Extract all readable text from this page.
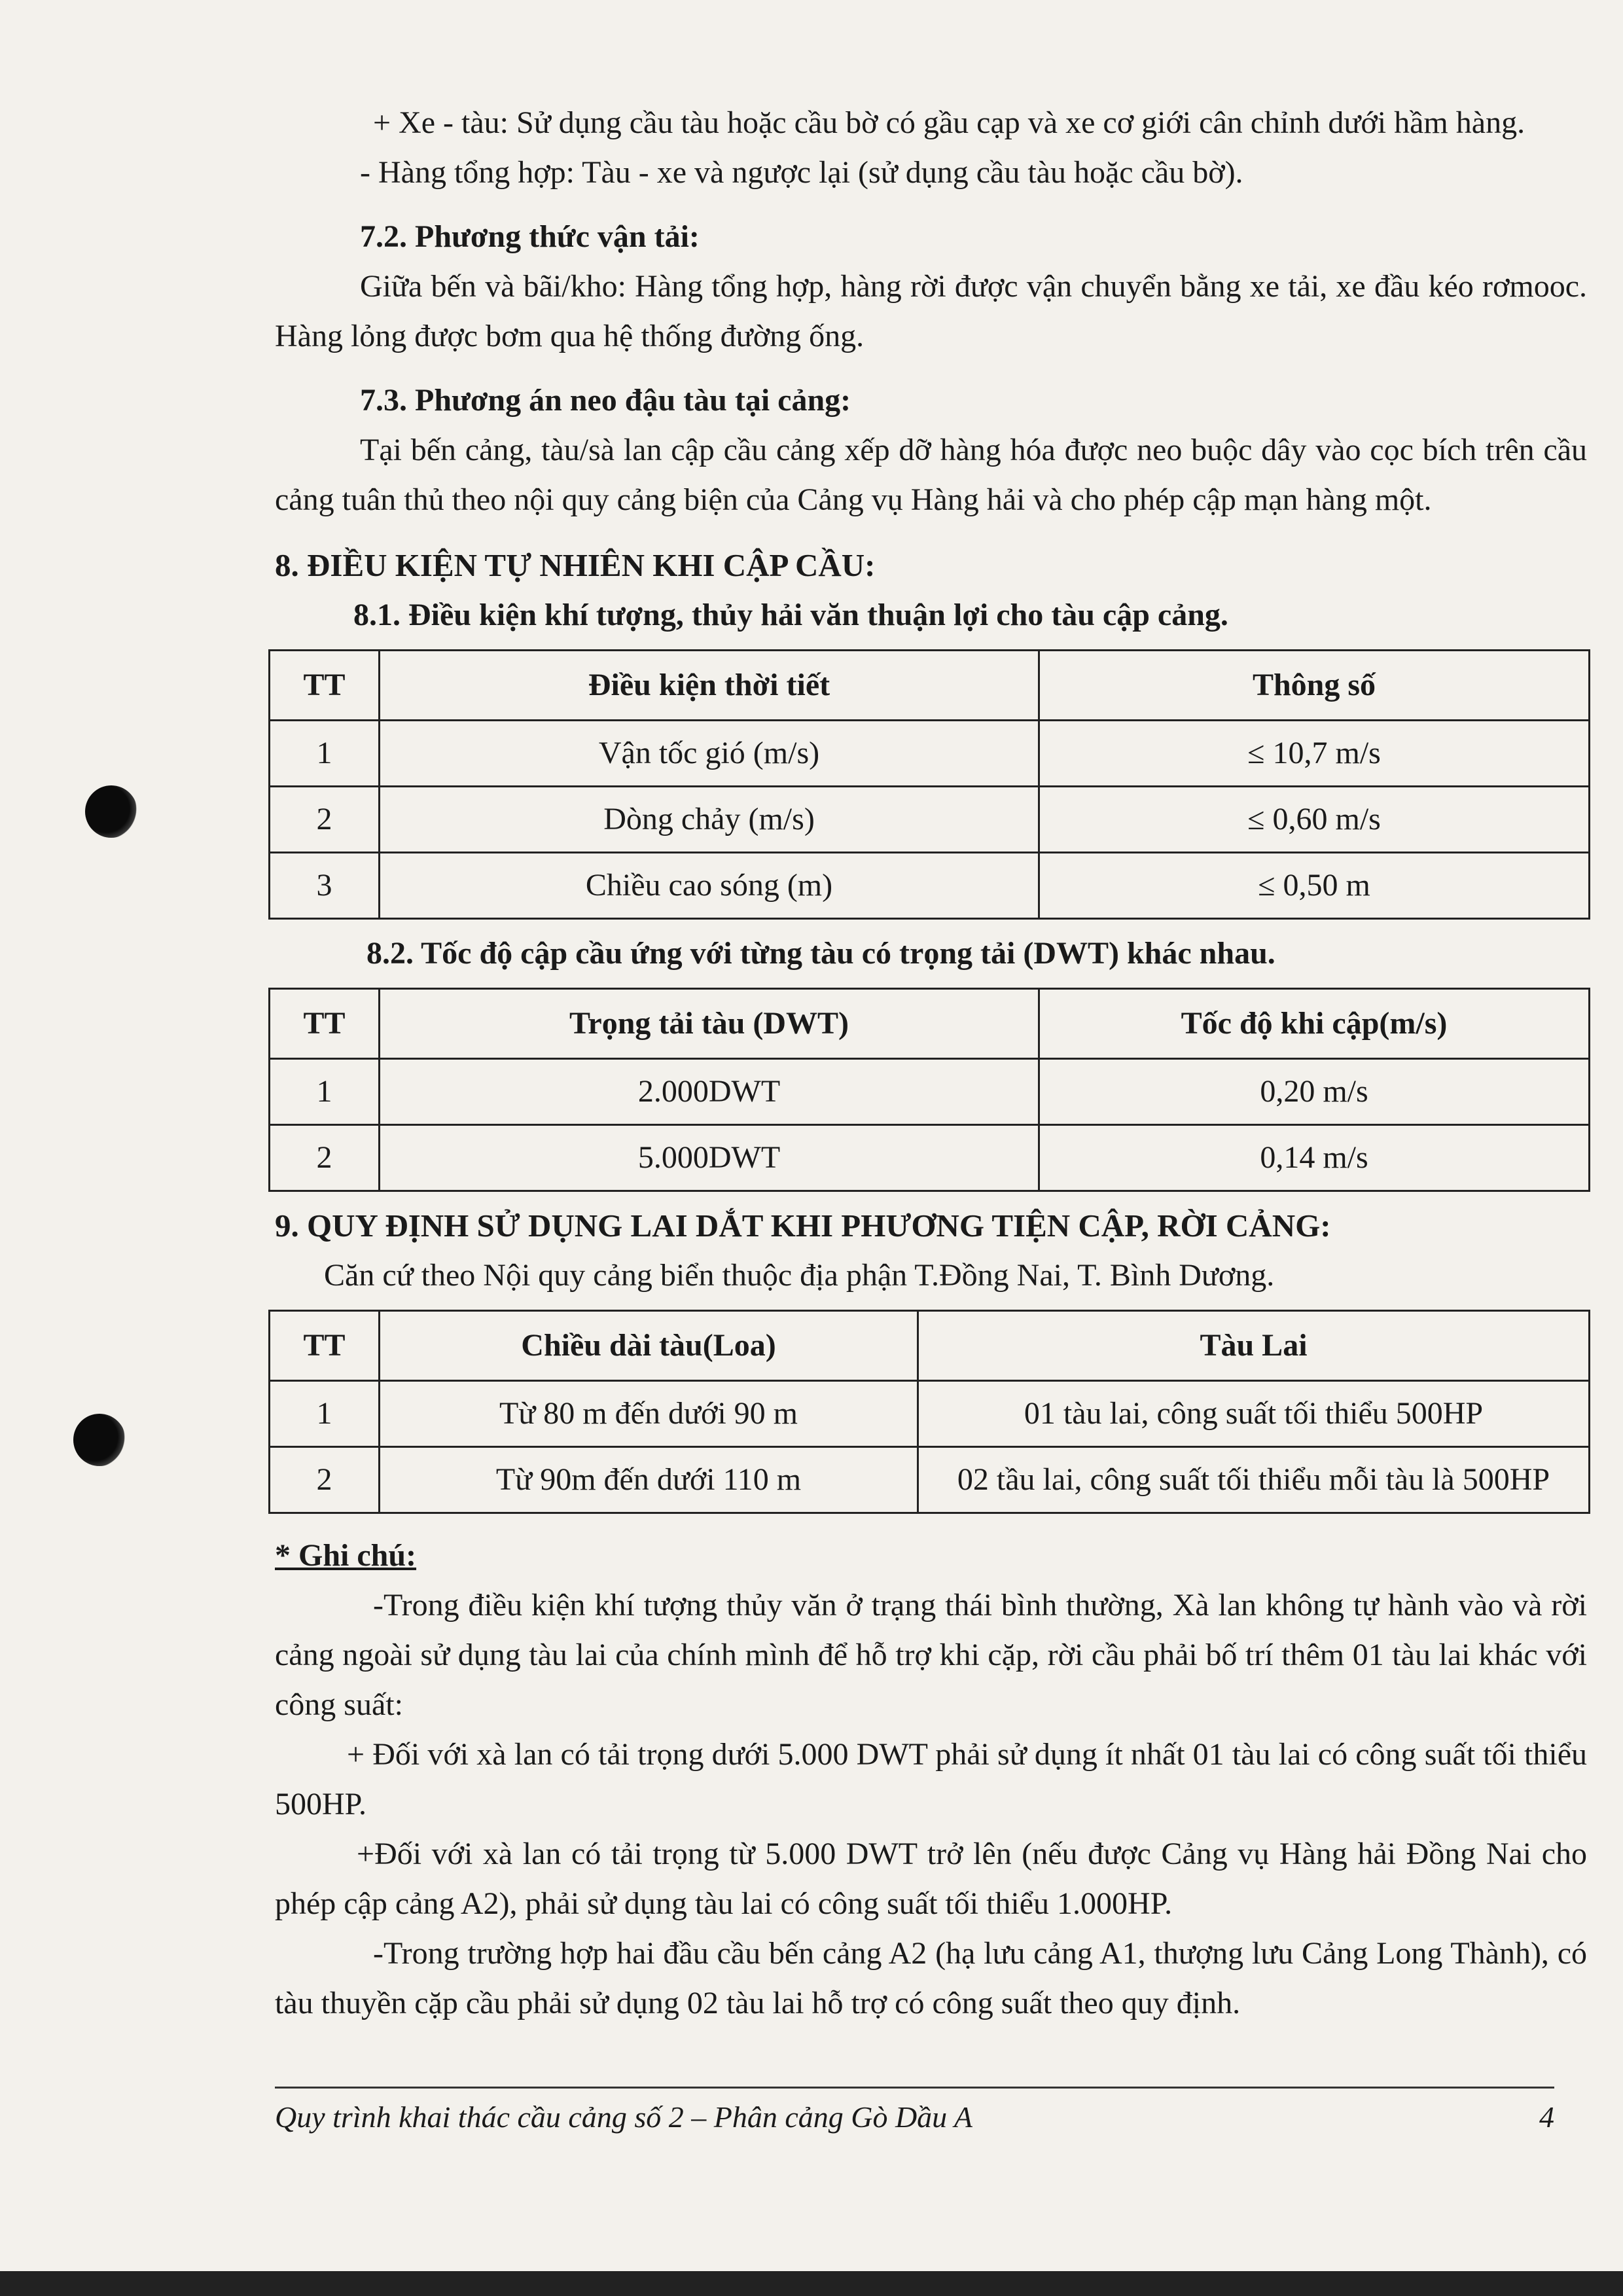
+ Xe - tàu: Sử dụng cầu tàu hoặc cầu bờ có gầu cạp và xe cơ giới cân chỉnh dưới hầm hàng.

- Hàng tổng hợp: Tàu - xe và ngược lại (sử dụng cầu tàu hoặc cầu bờ).

7.2. Phương thức vận tải:

Giữa bến và bãi/kho: Hàng tổng hợp, hàng rời được vận chuyển bằng xe tải, xe đầu kéo rơmooc. Hàng lỏng được bơm qua hệ thống đường ống.

7.3. Phương án neo đậu tàu tại cảng:

Tại bến cảng, tàu/sà lan cập cầu cảng xếp dỡ hàng hóa được neo buộc dây vào cọc bích trên cầu cảng tuân thủ theo nội quy cảng biện của Cảng vụ Hàng hải và cho phép cập mạn hàng một.

8. ĐIỀU KIỆN TỰ NHIÊN KHI CẬP CẦU:

8.1. Điều kiện khí tượng, thủy hải văn thuận lợi cho tàu cập cảng.

TT	Điều kiện thời tiết	Thông số
1	Vận tốc gió (m/s)	≤ 10,7 m/s
2	Dòng chảy (m/s)	≤ 0,60 m/s
3	Chiều cao sóng (m)	≤ 0,50 m

8.2. Tốc độ cập cầu ứng với từng tàu có trọng tải (DWT) khác nhau.

TT	Trọng tải tàu (DWT)	Tốc độ khi cập(m/s)
1	2.000DWT	0,20 m/s
2	5.000DWT	0,14 m/s

9. QUY ĐỊNH SỬ DỤNG LAI DẮT KHI PHƯƠNG TIỆN CẬP, RỜI CẢNG:

Căn cứ theo Nội quy cảng biển thuộc địa phận T.Đồng Nai, T. Bình Dương.

TT	Chiều dài tàu(Loa)	Tàu Lai
1	Từ 80 m đến dưới 90 m	01 tàu lai, công suất tối thiểu 500HP
2	Từ 90m đến dưới 110 m	02 tầu lai, công suất tối thiểu mỗi tàu là 500HP

* Ghi chú:

-Trong điều kiện khí tượng thủy văn ở trạng thái bình thường, Xà lan không tự hành vào và rời cảng ngoài sử dụng tàu lai của chính mình để hỗ trợ khi cặp, rời cầu phải bố trí thêm 01 tàu lai khác với công suất:

+ Đối với xà lan có tải trọng dưới 5.000 DWT phải sử dụng ít nhất 01 tàu lai có công suất tối thiểu 500HP.

+Đối với xà lan có tải trọng từ 5.000 DWT trở lên (nếu được Cảng vụ Hàng hải Đồng Nai cho phép cập cảng A2), phải sử dụng tàu lai có công suất tối thiểu 1.000HP.

-Trong trường hợp hai đầu cầu bến cảng A2 (hạ lưu cảng A1, thượng lưu Cảng Long Thành), có tàu thuyền cặp cầu phải sử dụng 02 tàu lai hỗ trợ có công suất theo quy định.

Quy trình khai thác cầu cảng số 2 – Phân cảng Gò Dầu A	4
